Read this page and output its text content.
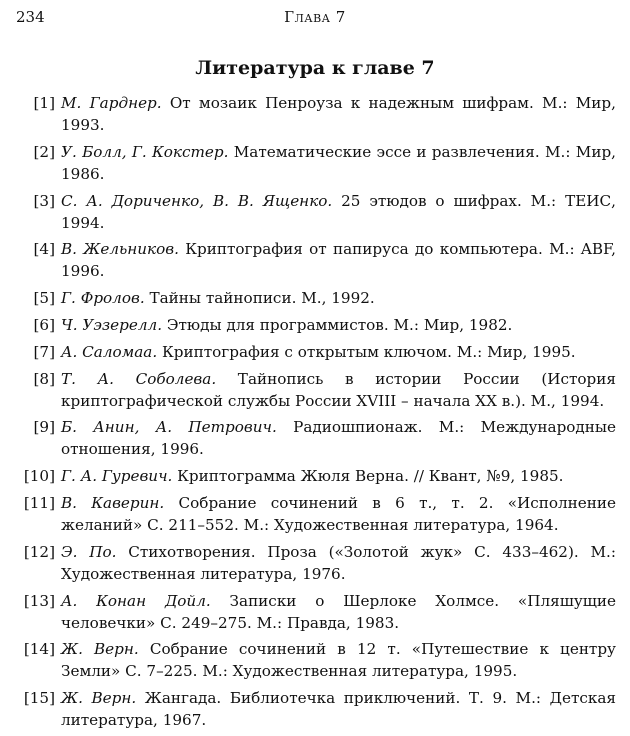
234	Глава 7
Литература к главе 7
[1] М. Гарднер. От мозаик Пенроуза к надежным шифрам. М.: Мир, 1993.
[2] У. Болл, Г. Кокстер. Математические эссе и развлечения. М.: Мир, 1986.
[3] С. А. Дориченко, В. В. Ященко. 25 этюдов о шифрах. М.: ТЕИС, 1994.
[4] В. Жельников. Криптография от папируса до компьютера. М.: ABF, 1996.
[5] Г. Фролов. Тайны тайнописи. М., 1992.
[6] Ч. Уэзерелл. Этюды для программистов. М.: Мир, 1982.
[7] А. Саломаа. Криптография с открытым ключом. М.: Мир, 1995.
[8] Т. А. Соболева. Тайнопись в истории России (История криптографической службы России XVIII – начала XX в.). М., 1994.
[9] Б. Анин, А. Петрович. Радиошпионаж. М.: Международные отношения, 1996.
[10] Г. А. Гуревич. Криптограмма Жюля Верна. // Квант, №9, 1985.
[11] В. Каверин. Собрание сочинений в 6 т., т. 2. «Исполнение желаний» С. 211–552. М.: Художественная литература, 1964.
[12] Э. По. Стихотворения. Проза («Золотой жук» С. 433–462). М.: Художественная литература, 1976.
[13] А. Конан Дойл. Записки о Шерлоке Холмсе. «Пляшущие человечки» С. 249–275. М.: Правда, 1983.
[14] Ж. Верн. Собрание сочинений в 12 т. «Путешествие к центру Земли» С. 7–225. М.: Художественная литература, 1995.
[15] Ж. Верн. Жангада. Библиотечка приключений. Т. 9. М.: Детская литература, 1967.
